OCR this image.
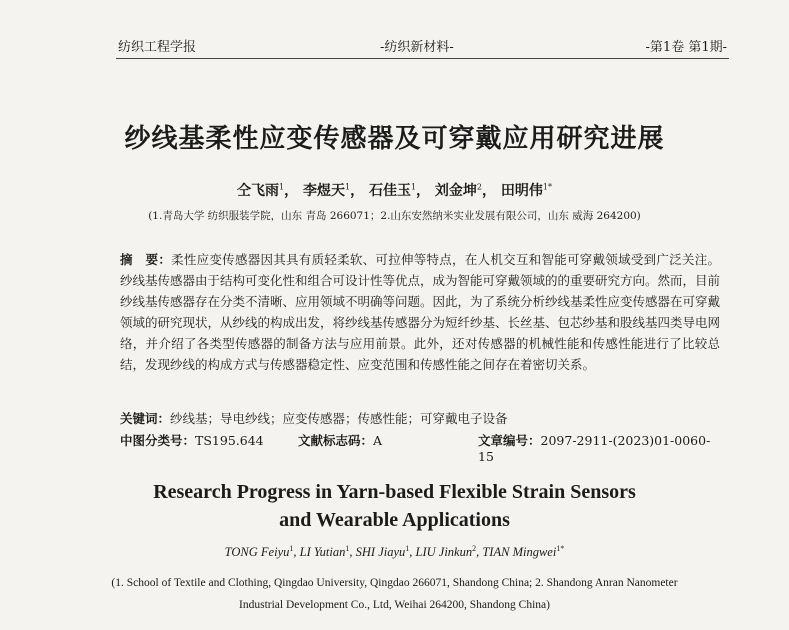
纺织工程学报	-纺织新材料-	-第1卷 第1期-
纱线基柔性应变传感器及可穿戴应用研究进展
仝飞雨$^1$， 李煜天$^1$， 石佳玉$^1$， 刘金坤$^2$， 田明伟$^{1*}$
(1.青岛大学 纺织服装学院，山东 青岛 266071；2.山东安然纳米实业发展有限公司，山东 威海 264200)
摘　要：柔性应变传感器因其具有质轻柔软、可拉伸等特点，在人机交互和智能可穿戴领域受到广泛关注。纱线基传感器由于结构可变化性和组合可设计性等优点，成为智能可穿戴领域的的重要研究方向。然而，目前纱线基传感器存在分类不清晰、应用领域不明确等问题。因此，为了系统分析纱线基柔性应变传感器在可穿戴领域的研究现状，从纱线的构成出发，将纱线基传感器分为短纤纱基、长丝基、包芯纱基和股线基四类导电网络，并介绍了各类型传感器的制备方法与应用前景。此外，还对传感器的机械性能和传感性能进行了比较总结，发现纱线的构成方式与传感器稳定性、应变范围和传感性能之间存在着密切关系。
关键词：纱线基；导电纱线；应变传感器；传感性能；可穿戴电子设备
中图分类号：TS195.644	文献标志码：A	文章编号：2097-2911-(2023)01-0060-15
Research Progress in Yarn-based Flexible Strain Sensors
and Wearable Applications
TONG Feiyu$^1$, LI Yutian$^1$, SHI Jiayu$^1$, LIU Jinkun$^2$, TIAN Mingwei$^{1*}$
(1. School of Textile and Clothing, Qingdao University, Qingdao 266071, Shandong China; 2. Shandong Anran Nanometer
Industrial Development Co., Ltd, Weihai 264200, Shandong China)
